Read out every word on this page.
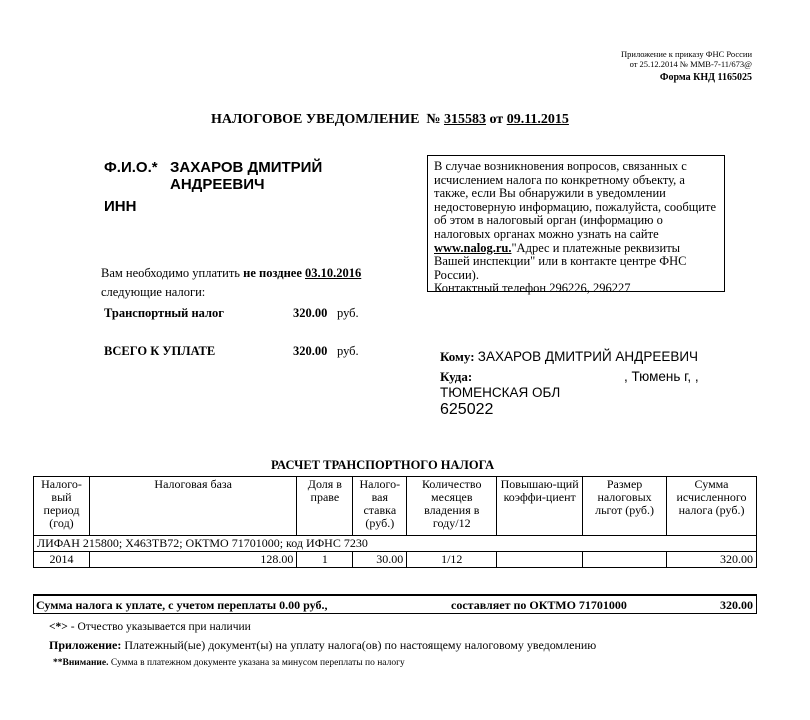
Приложение к приказу ФНС России
от 25.12.2014 № ММВ-7-11/673@
Форма КНД 1165025
НАЛОГОВОЕ УВЕДОМЛЕНИЕ  № 315583 от 09.11.2015
Ф.И.О.* ЗАХАРОВ ДМИТРИЙ
АНДРЕЕВИЧ
ИНН
В случае возникновения вопросов, связанных с исчислением налога по конкретному объекту, а также, если Вы обнаружили в уведомлении недостоверную информацию, пожалуйста, сообщите об этом в налоговый орган (информацию о налоговых органах можно узнать на сайте www.nalog.ru."Адрес и платежные реквизиты Вашей инспекции" или в контакте центре ФНС России).
Контактный телефон 296226, 296227
Вам необходимо уплатить не позднее 03.10.2016
следующие налоги:
Транспортный налог	320.00 руб.
ВСЕГО К УПЛАТЕ	320.00 руб.	Кому: ЗАХАРОВ ДМИТРИЙ АНДРЕЕВИЧ
Куда:	, Тюмень г, ,
ТЮМЕНСКАЯ ОБЛ
625022
РАСЧЕТ ТРАНСПОРТНОГО НАЛОГА
Налого-вый период (год)	Налоговая база	Доля в праве	Налого-вая ставка (руб.)	Количество месяцев владения в году/12	Повышаю-щий коэффи-циент	Размер налоговых льгот (руб.)	Сумма исчисленного налога (руб.)
ЛИФАН 215800; Х463ТВ72; ОКТМО 71701000; код ИФНС 7230							
2014	128.00	1	30.00	1/12			320.00
Сумма налога к уплате, с учетом переплаты 0.00 руб.,	составляет по ОКТМО 71701000	320.00
<*> - Отчество указывается при наличии
Приложение: Платежный(ые) документ(ы) на уплату налога(ов) по настоящему налоговому уведомлению
**Внимание. Сумма в платежном документе указана за минусом переплаты по налогу
